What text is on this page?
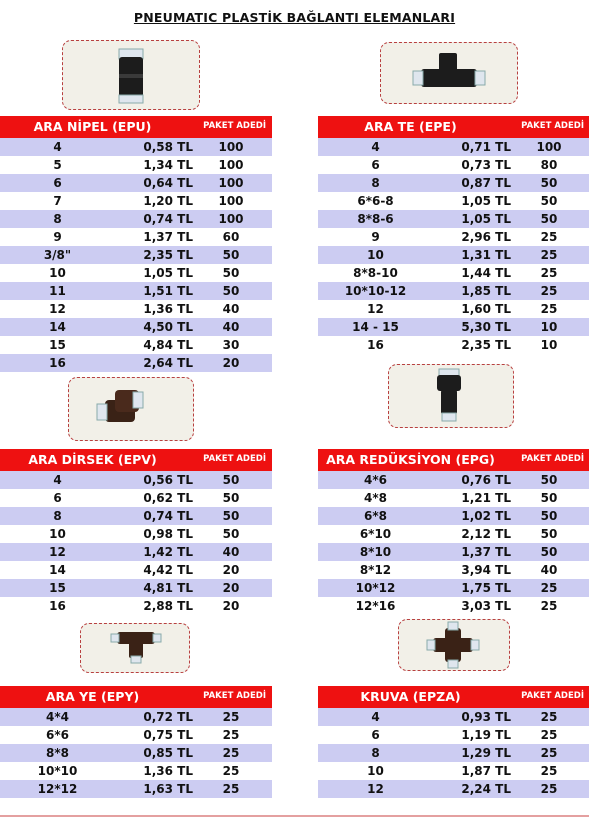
PNEUMATIC PLASTİK BAĞLANTI ELEMANLARI
ARA NİPEL (EPU)	PAKET ADEDİ
4	0,58 TL	100
5	1,34 TL	100
6	0,64 TL	100
7	1,20 TL	100
8	0,74 TL	100
9	1,37 TL	60
3/8"	2,35 TL	50
10	1,05 TL	50
11	1,51 TL	50
12	1,36 TL	40
14	4,50 TL	40
15	4,84 TL	30
16	2,64 TL	20
ARA TE (EPE)	PAKET ADEDİ
4	0,71 TL	100
6	0,73 TL	80
8	0,87 TL	50
6*6-8	1,05 TL	50
8*8-6	1,05 TL	50
9	2,96 TL	25
10	1,31 TL	25
8*8-10	1,44 TL	25
10*10-12	1,85 TL	25
12	1,60 TL	25
14 - 15	5,30 TL	10
16	2,35 TL	10
ARA DİRSEK (EPV)	PAKET ADEDİ
4	0,56 TL	50
6	0,62 TL	50
8	0,74 TL	50
10	0,98 TL	50
12	1,42 TL	40
14	4,42 TL	20
15	4,81 TL	20
16	2,88 TL	20
ARA REDÜKSİYON (EPG)	PAKET ADEDİ
4*6	0,76 TL	50
4*8	1,21 TL	50
6*8	1,02 TL	50
6*10	2,12 TL	50
8*10	1,37 TL	50
8*12	3,94 TL	40
10*12	1,75 TL	25
12*16	3,03 TL	25
ARA YE (EPY)	PAKET ADEDİ
4*4	0,72 TL	25
6*6	0,75 TL	25
8*8	0,85 TL	25
10*10	1,36 TL	25
12*12	1,63 TL	25
KRUVA (EPZA)	PAKET ADEDİ
4	0,93 TL	25
6	1,19 TL	25
8	1,29 TL	25
10	1,87 TL	25
12	2,24 TL	25
